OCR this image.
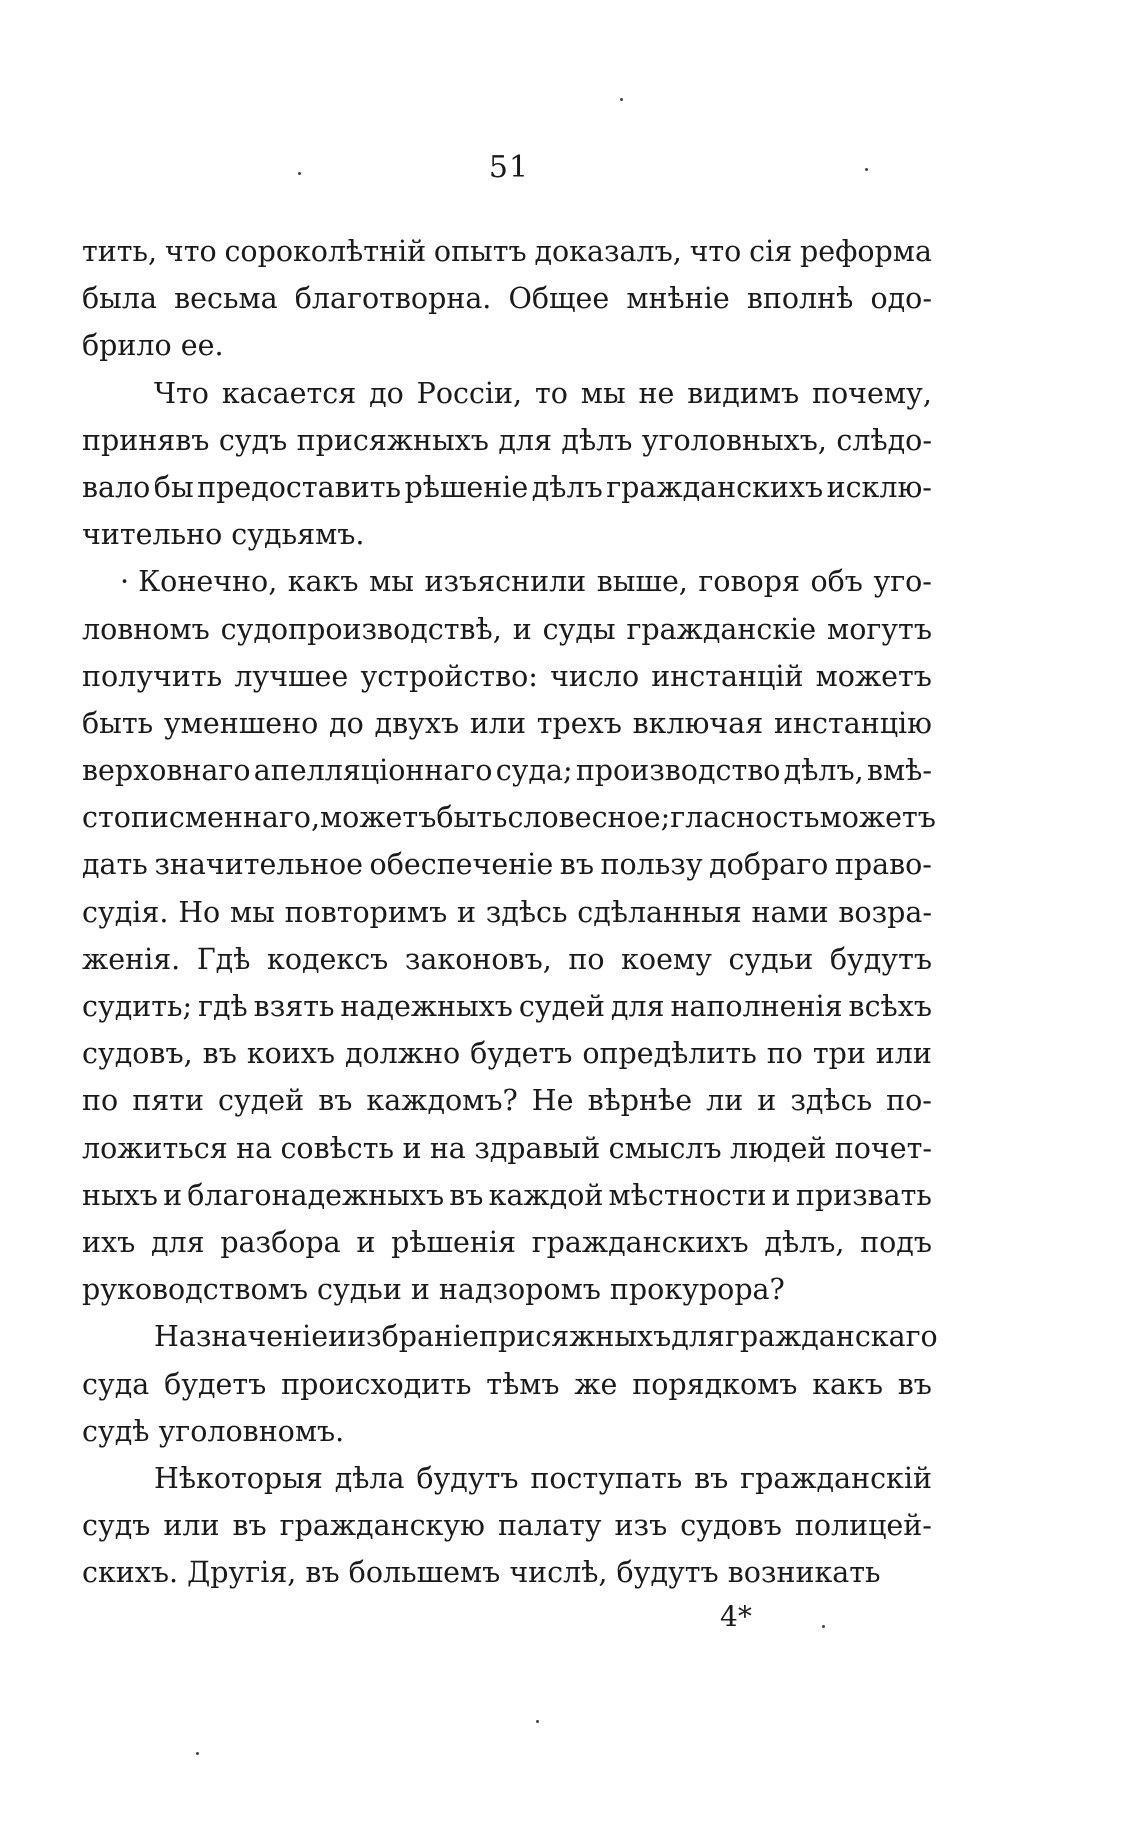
51
тить, что сороколѣтній опытъ доказалъ, что сія реформа
была весьма благотворна. Общее мнѣніе вполнѣ одо-
брило ее.
Что касается до Россіи, то мы не видимъ почему,
принявъ судъ присяжныхъ для дѣлъ уголовныхъ, слѣдо-
вало бы предоставить рѣшеніе дѣлъ гражданскихъ исклю-
чительно судьямъ.
· Конечно, какъ мы изъяснили выше, говоря объ уго-
ловномъ судопроизводствѣ, и суды гражданскіе могутъ
получить лучшее устройство: число инстанцій можетъ
быть уменшено до двухъ или трехъ включая инстанцію
верховнаго апелляціоннаго суда; производство дѣлъ, вмѣ-
сто писменнаго, можетъ быть словесное; гласность можетъ
дать значительное обеспеченіе въ пользу добраго право-
судія. Но мы повторимъ и здѣсь сдѣланныя нами возра-
женія. Гдѣ кодексъ законовъ, по коему судьи будутъ
судить; гдѣ взять надежныхъ судей для наполненія всѣхъ
судовъ, въ коихъ должно будетъ опредѣлить по три или
по пяти судей въ каждомъ? Не вѣрнѣе ли и здѣсь по-
ложиться на совѣсть и на здравый смыслъ людей почет-
ныхъ и благонадежныхъ въ каждой мѣстности и призвать
ихъ для разбора и рѣшенія гражданскихъ дѣлъ, подъ
руководствомъ судьи и надзоромъ прокурора?
Назначеніе и избраніе присяжныхъ для гражданскаго
суда будетъ происходить тѣмъ же порядкомъ какъ въ
судѣ уголовномъ.
Нѣкоторыя дѣла будутъ поступать въ гражданскій
судъ или въ гражданскую палату изъ судовъ полицей-
скихъ. Другія, въ большемъ числѣ, будутъ возникать
4*
